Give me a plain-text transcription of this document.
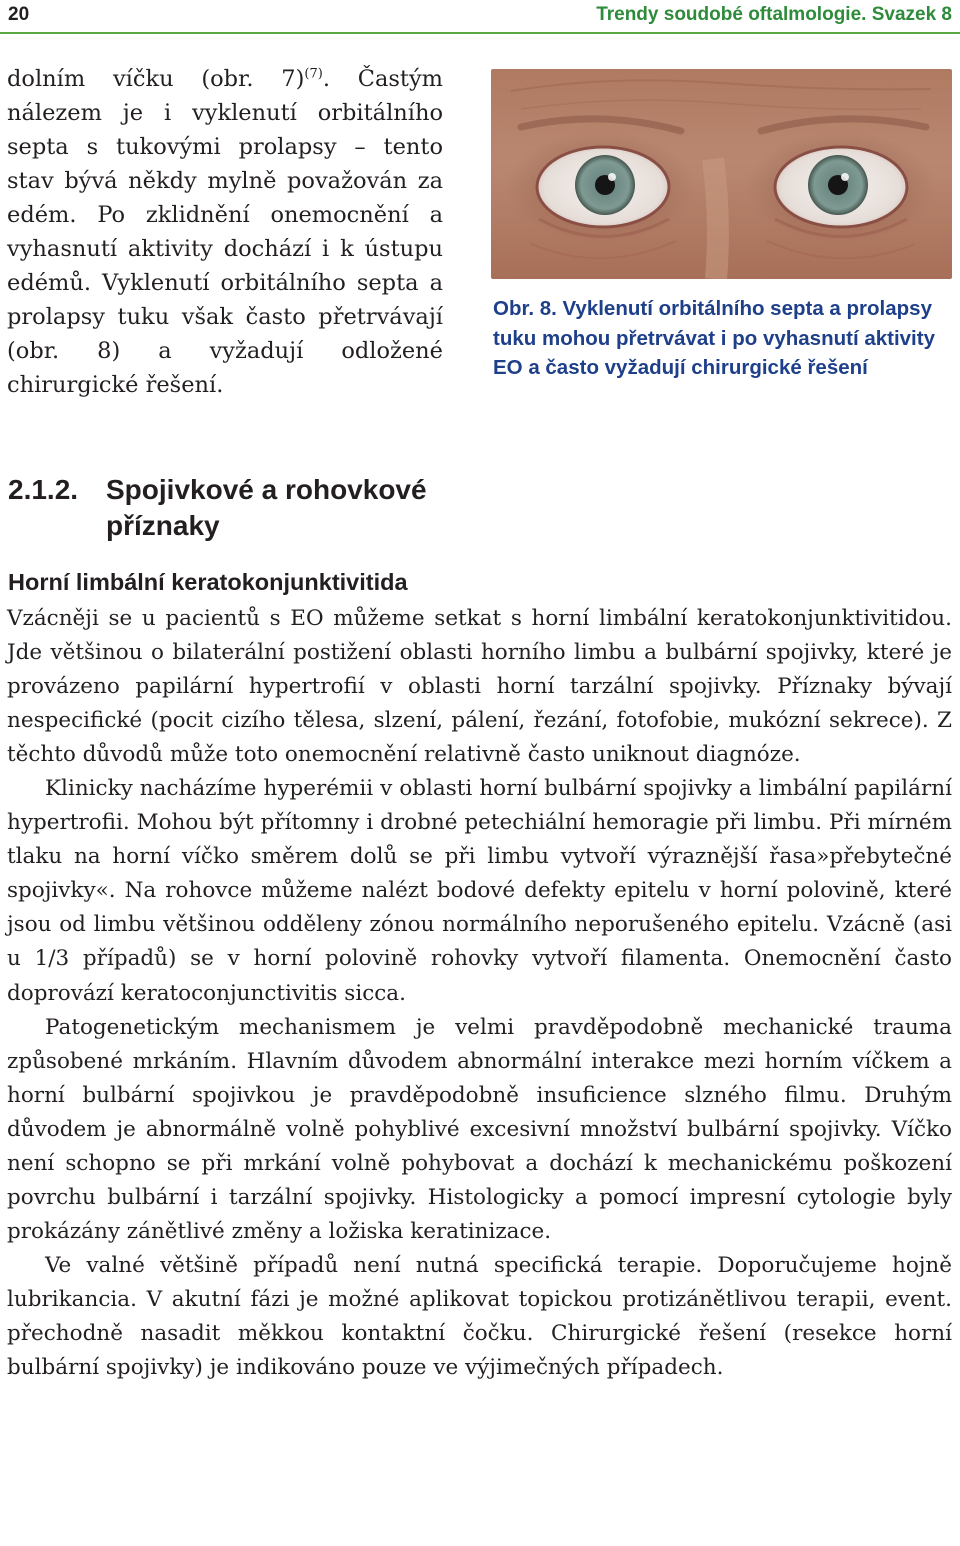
20	Trendy soudobé oftalmologie. Svazek 8
dolním víčku (obr. 7)$^{(7)}$. Častým nálezem je i vyklenutí orbitálního septa s tukovými prolapsy – tento stav bývá někdy mylně považován za edém. Po zklidnění onemocnění a vyhasnutí aktivity dochází i k ústupu edémů. Vyklenutí orbitálního septa a prolapsy tuku však často přetrvávají (obr. 8) a vyžadují odložené chirurgické řešení.
Obr. 8. Vyklenutí orbitálního septa a prolapsy tuku mohou přetrvávat i po vyhasnutí aktivity EO a často vyžadují chirurgické řešení
2.1.2. Spojivkové a rohovkové příznaky
Horní limbální keratokonjunktivitida

Vzácněji se u pacientů s EO můžeme setkat s horní limbální keratokonjunktivitidou. Jde většinou o bilaterální postižení oblasti horního limbu a bulbární spojivky, které je provázeno papilární hypertrofií v oblasti horní tarzální spojivky. Příznaky bývají nespecifické (pocit cizího tělesa, slzení, pálení, řezání, fotofobie, mukózní sekrece). Z těchto důvodů může toto onemocnění relativně často uniknout diagnóze.

Klinicky nacházíme hyperémii v oblasti horní bulbární spojivky a limbální papilární hypertrofii. Mohou být přítomny i drobné petechiální hemoragie při limbu. Při mírném tlaku na horní víčko směrem dolů se při limbu vytvoří výraznější řasa»přebytečné spojivky«. Na rohovce můžeme nalézt bodové defekty epitelu v horní polovině, které jsou od limbu většinou odděleny zónou normálního neporušeného epitelu. Vzácně (asi u 1/3 případů) se v horní polovině rohovky vytvoří filamenta. Onemocnění často doprovází keratoconjunctivitis sicca.

Patogenetickým mechanismem je velmi pravděpodobně mechanické trauma způsobené mrkáním. Hlavním důvodem abnormální interakce mezi horním víčkem a horní bulbární spojivkou je pravděpodobně insuficience slzného filmu. Druhým důvodem je abnormálně volně pohyblivé excesivní množství bulbární spojivky. Víčko není schopno se při mrkání volně pohybovat a dochází k mechanickému poškození povrchu bulbární i tarzální spojivky. Histologicky a pomocí impresní cytologie byly prokázány zánětlivé změny a ložiska keratinizace.

Ve valné většině případů není nutná specifická terapie. Doporučujeme hojně lubrikancia. V akutní fázi je možné aplikovat topickou protizánětlivou terapii, event. přechodně nasadit měkkou kontaktní čočku. Chirurgické řešení (resekce horní bulbární spojivky) je indikováno pouze ve výjimečných případech.
